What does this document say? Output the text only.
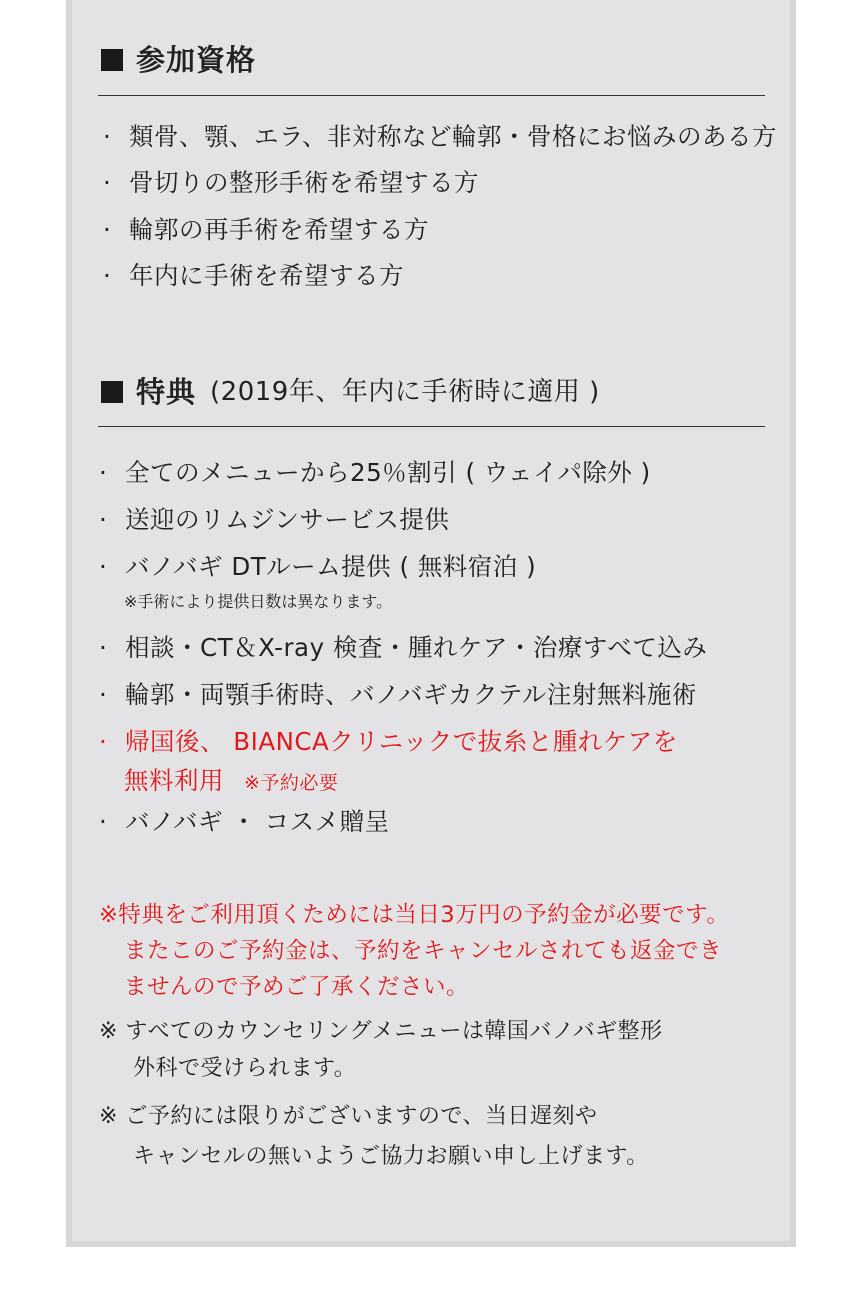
参加資格
· 類骨、顎、エラ、非対称など輪郭・骨格にお悩みのある方
· 骨切りの整形手術を希望する方
· 輪郭の再手術を希望する方
· 年内に手術を希望する方
特典 (2019年、年内に手術時に適用 )
· 全てのメニューから25％割引 ( ウェイパ除外 )
· 送迎のリムジンサービス提供
· バノバギ DTルーム提供 ( 無料宿泊 )
※手術により提供日数は異なります。
· 相談・CT＆X-ray 検査・腫れケア・治療すべて込み
· 輪郭・両顎手術時、バノバギカクテル注射無料施術
· 帰国後、 BIANCAクリニックで抜糸と腫れケアを
無料利用 ※予約必要
· バノバギ ・ コスメ贈呈
※特典をご利用頂くためには当日3万円の予約金が必要です。
またこのご予約金は、予約をキャンセルされても返金でき
ませんので予めご了承ください。
※ すべてのカウンセリングメニューは韓国バノバギ整形
外科で受けられます。
※ ご予約には限りがございますので、当日遅刻や
キャンセルの無いようご協力お願い申し上げます。
